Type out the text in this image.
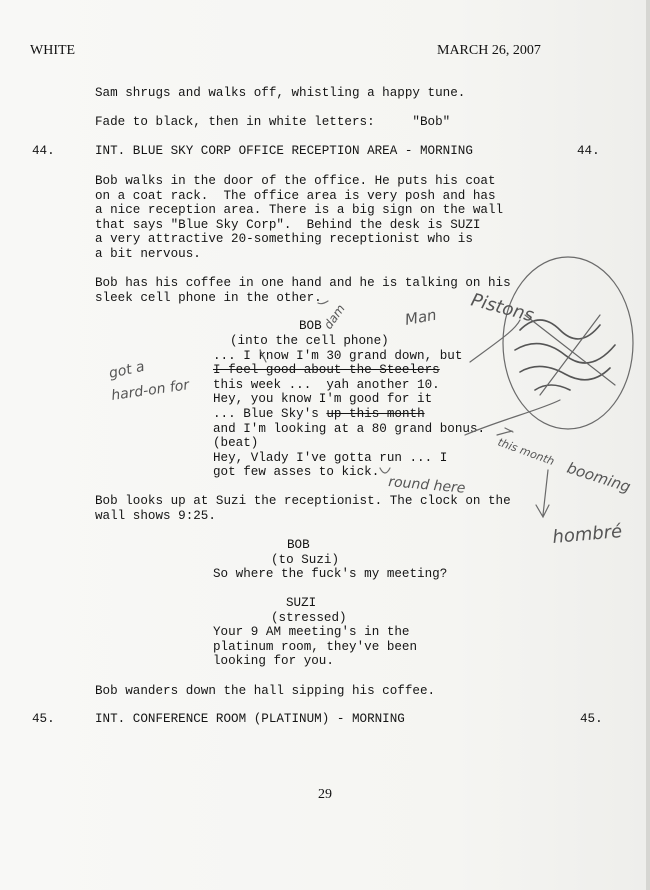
WHITE	MARCH 26, 2007
Sam shrugs and walks off, whistling a happy tune.
Fade to black, then in white letters:     "Bob"
44.	INT. BLUE SKY CORP OFFICE RECEPTION AREA - MORNING	44.
Bob walks in the door of the office. He puts his coat
on a coat rack.  The office area is very posh and has
a nice reception area. There is a big sign on the wall
that says "Blue Sky Corp".  Behind the desk is SUZI
a very attractive 20-something receptionist who is
a bit nervous.
Bob has his coffee in one hand and he is talking on his
sleek cell phone in the other.
BOB
(into the cell phone)
... I know I'm 30 grand down, but
I feel good about the Steelers
this week ...  yah another 10.
Hey, you know I'm good for it
... Blue Sky's up this month
and I'm looking at a 80 grand bonus.
(beat)
Hey, Vlady I've gotta run ... I
got few asses to kick.
Bob looks up at Suzi the receptionist. The clock on the
wall shows 9:25.
BOB
(to Suzi)
So where the fuck's my meeting?
SUZI
(stressed)
Your 9 AM meeting's in the
platinum room, they've been
looking for you.
Bob wanders down the hall sipping his coffee.
45.	INT. CONFERENCE ROOM (PLATINUM) - MORNING	45.
29
got a
hard-on for
dam	Man Pistons
this month
round here	booming
hombré
